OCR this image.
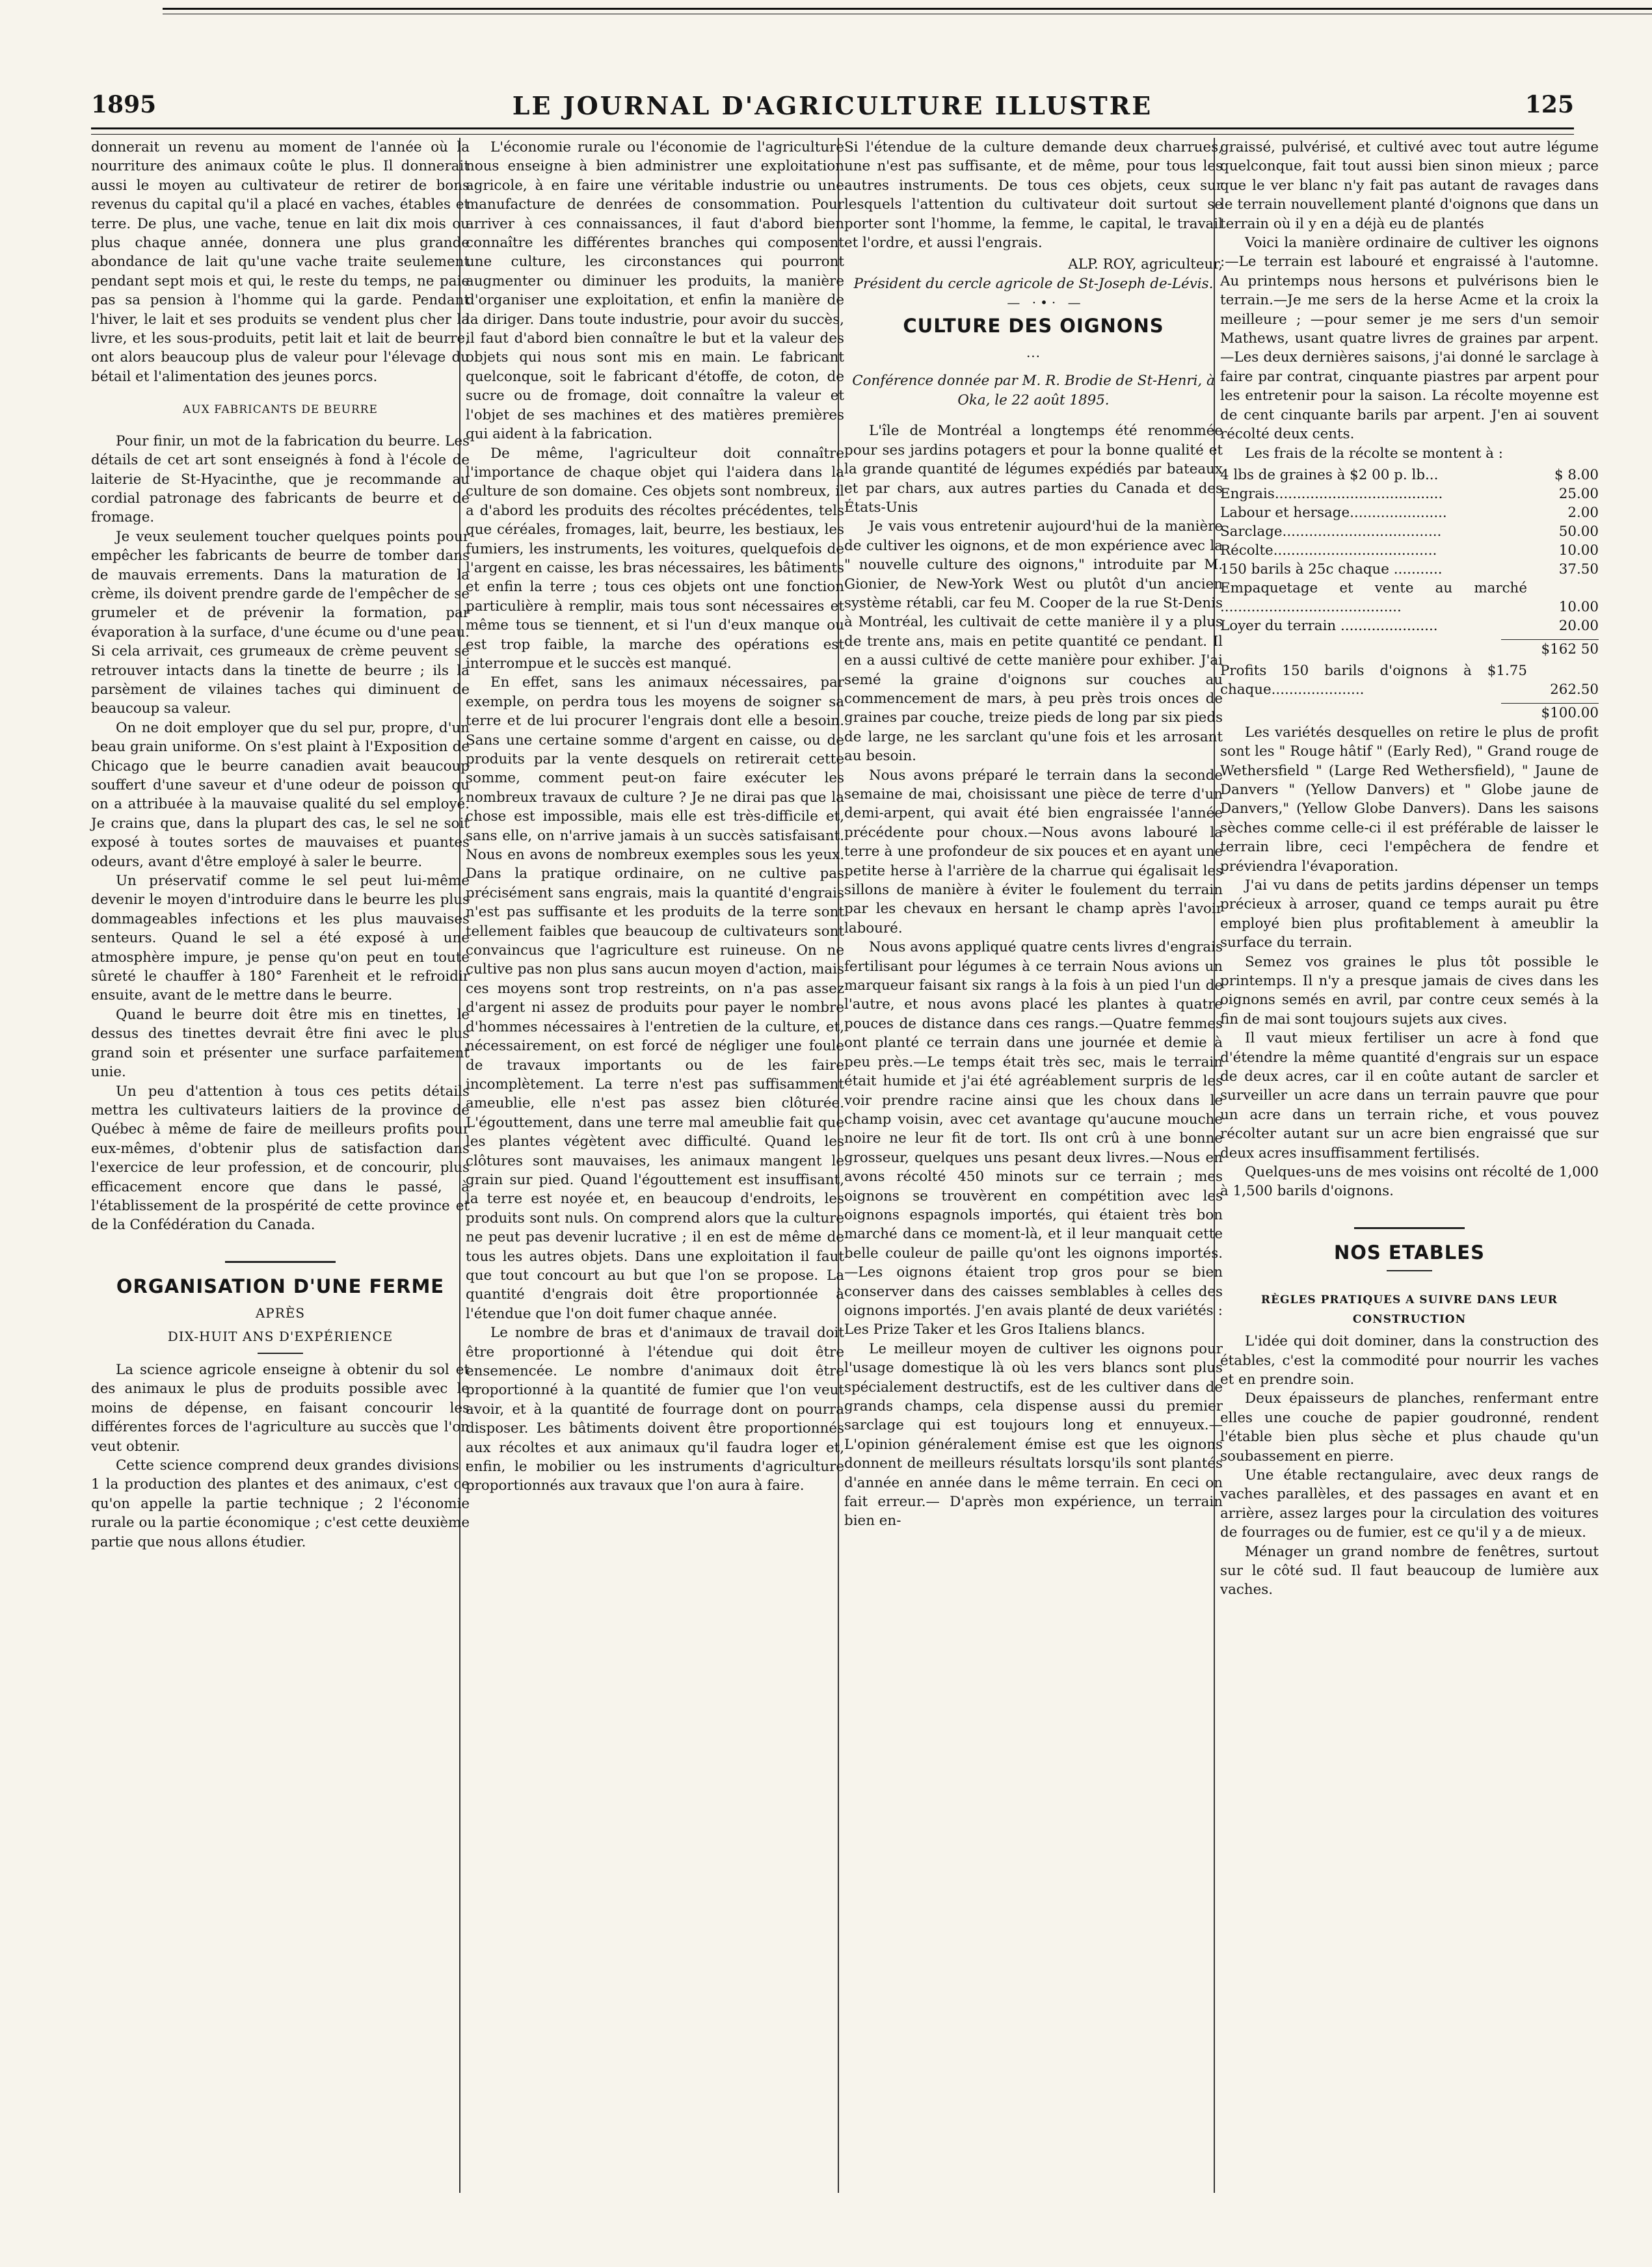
1895	LE JOURNAL D'AGRICULTURE ILLUSTRE	125

donnerait un revenu au moment de l'année où la nourriture des animaux coûte le plus. Il donnerait aussi le moyen au cultivateur de retirer de bons revenus du capital qu'il a placé en vaches, étables et terre. De plus, une vache, tenue en lait dix mois ou plus chaque année, donnera une plus grande abondance de lait qu'une vache traite seulement pendant sept mois et qui, le reste du temps, ne paie pas sa pension à l'homme qui la garde. Pendant l'hiver, le lait et ses produits se vendent plus cher la livre, et les sous-produits, petit lait et lait de beurre, ont alors beaucoup plus de valeur pour l'élevage du bétail et l'alimentation des jeunes porcs.

AUX FABRICANTS DE BEURRE

Pour finir, un mot de la fabrication du beurre. Les détails de cet art sont enseignés à fond à l'école de laiterie de St-Hyacinthe, que je recommande au cordial patronage des fabricants de beurre et de fromage.

Je veux seulement toucher quelques points pour empêcher les fabricants de beurre de tomber dans de mauvais errements. Dans la maturation de la crème, ils doivent prendre garde de l'empêcher de se grumeler et de prévenir la formation, par évaporation à la surface, d'une écume ou d'une peau. Si cela arrivait, ces grumeaux de crème peuvent se retrouver intacts dans la tinette de beurre ; ils la parsèment de vilaines taches qui diminuent de beaucoup sa valeur.

On ne doit employer que du sel pur, propre, d'un beau grain uniforme. On s'est plaint à l'Exposition de Chicago que le beurre canadien avait beaucoup souffert d'une saveur et d'une odeur de poisson qu on a attribuée à la mauvaise qualité du sel employé. Je crains que, dans la plupart des cas, le sel ne soit exposé à toutes sortes de mauvaises et puantes odeurs, avant d'être employé à saler le beurre.

Un préservatif comme le sel peut lui-même devenir le moyen d'introduire dans le beurre les plus dommageables infections et les plus mauvaises senteurs. Quand le sel a été exposé à une atmosphère impure, je pense qu'on peut en toute sûreté le chauffer à 180° Farenheit et le refroidir ensuite, avant de le mettre dans le beurre.

Quand le beurre doit être mis en tinettes, le dessus des tinettes devrait être fini avec le plus grand soin et présenter une surface parfaitement unie.

Un peu d'attention à tous ces petits détails mettra les cultivateurs laitiers de la province de Québec à même de faire de meilleurs profits pour eux-mêmes, d'obtenir plus de satisfaction dans l'exercice de leur profession, et de concourir, plus efficacement encore que dans le passé, à l'établissement de la prospérité de cette province et de la Confédération du Canada.

ORGANISATION D'UNE FERME

APRÈS

DIX-HUIT ANS D'EXPÉRIENCE

La science agricole enseigne à obtenir du sol et des animaux le plus de produits possible avec le moins de dépense, en faisant concourir les différentes forces de l'agriculture au succès que l'on veut obtenir.

Cette science comprend deux grandes divisions : 1 la production des plantes et des animaux, c'est ce qu'on appelle la partie technique ; 2 l'économie rurale ou la partie économique ; c'est cette deuxième partie que nous allons étudier.

L'économie rurale ou l'économie de l'agriculture nous enseigne à bien administrer une exploitation agricole, à en faire une véritable industrie ou une manufacture de denrées de consommation. Pour arriver à ces connaissances, il faut d'abord bien connaître les différentes branches qui composent une culture, les circonstances qui pourront augmenter ou diminuer les produits, la manière d'organiser une exploitation, et enfin la manière de la diriger. Dans toute industrie, pour avoir du succès, il faut d'abord bien connaître le but et la valeur des objets qui nous sont mis en main. Le fabricant quelconque, soit le fabricant d'étoffe, de coton, de sucre ou de fromage, doit connaître la valeur et l'objet de ses machines et des matières premières qui aident à la fabrication.

De même, l'agriculteur doit connaître l'importance de chaque objet qui l'aidera dans la culture de son domaine. Ces objets sont nombreux, il a d'abord les produits des récoltes précédentes, tels que céréales, fromages, lait, beurre, les bestiaux, les fumiers, les instruments, les voitures, quelquefois de l'argent en caisse, les bras nécessaires, les bâtiments et enfin la terre ; tous ces objets ont une fonction particulière à remplir, mais tous sont nécessaires et même tous se tiennent, et si l'un d'eux manque ou est trop faible, la marche des opérations est interrompue et le succès est manqué.

En effet, sans les animaux nécessaires, par exemple, on perdra tous les moyens de soigner sa terre et de lui procurer l'engrais dont elle a besoin. Sans une certaine somme d'argent en caisse, ou de produits par la vente desquels on retirerait cette somme, comment peut-on faire exécuter les nombreux travaux de culture ? Je ne dirai pas que la chose est impossible, mais elle est très-difficile et, sans elle, on n'arrive jamais à un succès satisfaisant. Nous en avons de nombreux exemples sous les yeux. Dans la pratique ordinaire, on ne cultive pas précisément sans engrais, mais la quantité d'engrais n'est pas suffisante et les produits de la terre sont tellement faibles que beaucoup de cultivateurs sont convaincus que l'agriculture est ruineuse. On ne cultive pas non plus sans aucun moyen d'action, mais ces moyens sont trop restreints, on n'a pas assez d'argent ni assez de produits pour payer le nombre d'hommes nécessaires à l'entretien de la culture, et, nécessairement, on est forcé de négliger une foule de travaux importants ou de les faire incomplètement. La terre n'est pas suffisamment ameublie, elle n'est pas assez bien clôturée. L'égouttement, dans une terre mal ameublie fait que les plantes végètent avec difficulté. Quand les clôtures sont mauvaises, les animaux mangent le grain sur pied. Quand l'égouttement est insuffisant, la terre est noyée et, en beaucoup d'endroits, les produits sont nuls. On comprend alors que la culture ne peut pas devenir lucrative ; il en est de même de tous les autres objets. Dans une exploitation il faut que tout concourt au but que l'on se propose. La quantité d'engrais doit être proportionnée à l'étendue que l'on doit fumer chaque année.

Le nombre de bras et d'animaux de travail doit être proportionné à l'étendue qui doit être ensemencée. Le nombre d'animaux doit être proportionné à la quantité de fumier que l'on veut avoir, et à la quantité de fourrage dont on pourra disposer. Les bâtiments doivent être proportionnés aux récoltes et aux animaux qu'il faudra loger et, enfin, le mobilier ou les instruments d'agriculture proportionnés aux travaux que l'on aura à faire.

Si l'étendue de la culture demande deux charrues, une n'est pas suffisante, et de même, pour tous les autres instruments. De tous ces objets, ceux sur lesquels l'attention du cultivateur doit surtout se porter sont l'homme, la femme, le capital, le travail et l'ordre, et aussi l'engrais.

ALP. ROY, agriculteur,

Président du cercle agricole de St-Joseph de-Lévis.

— ·•· —

CULTURE DES OIGNONS

...

Conférence donnée par M. R. Brodie de St-Henri, à Oka, le 22 août 1895.

L'île de Montréal a longtemps été renommée pour ses jardins potagers et pour la bonne qualité et la grande quantité de légumes expédiés par bateaux et par chars, aux autres parties du Canada et des États-Unis

Je vais vous entretenir aujourd'hui de la manière de cultiver les oignons, et de mon expérience avec la " nouvelle culture des oignons," introduite par M. Gionier, de New-York West ou plutôt d'un ancien système rétabli, car feu M. Cooper de la rue St-Denis à Montréal, les cultivait de cette manière il y a plus de trente ans, mais en petite quantité ce pendant. Il en a aussi cultivé de cette manière pour exhiber. J'ai semé la graine d'oignons sur couches au commencement de mars, à peu près trois onces de graines par couche, treize pieds de long par six pieds de large, ne les sarclant qu'une fois et les arrosant au besoin.

Nous avons préparé le terrain dans la seconde semaine de mai, choisissant une pièce de terre d'un demi-arpent, qui avait été bien engraissée l'année précédente pour choux.—Nous avons labouré la terre à une profondeur de six pouces et en ayant une petite herse à l'arrière de la charrue qui égalisait les sillons de manière à éviter le foulement du terrain par les chevaux en hersant le champ après l'avoir labouré.

Nous avons appliqué quatre cents livres d'engrais fertilisant pour légumes à ce terrain Nous avions un marqueur faisant six rangs à la fois à un pied l'un de l'autre, et nous avons placé les plantes à quatre pouces de distance dans ces rangs.—Quatre femmes ont planté ce terrain dans une journée et demie à peu près.—Le temps était très sec, mais le terrain était humide et j'ai été agréablement surpris de les voir prendre racine ainsi que les choux dans le champ voisin, avec cet avantage qu'aucune mouche noire ne leur fit de tort. Ils ont crû à une bonne grosseur, quelques uns pesant deux livres.—Nous en avons récolté 450 minots sur ce terrain ; mes oignons se trouvèrent en compétition avec les oignons espagnols importés, qui étaient très bon marché dans ce moment-là, et il leur manquait cette belle couleur de paille qu'ont les oignons importés. —Les oignons étaient trop gros pour se bien conserver dans des caisses semblables à celles des oignons importés. J'en avais planté de deux variétés : Les Prize Taker et les Gros Italiens blancs.

Le meilleur moyen de cultiver les oignons pour l'usage domestique là où les vers blancs sont plus spécialement destructifs, est de les cultiver dans de grands champs, cela dispense aussi du premier sarclage qui est toujours long et ennuyeux.—L'opinion généralement émise est que les oignons donnent de meilleurs résultats lorsqu'ils sont plantés d'année en année dans le même terrain. En ceci on fait erreur.— D'après mon expérience, un terrain bien en-

graissé, pulvérisé, et cultivé avec tout autre légume quelconque, fait tout aussi bien sinon mieux ; parce que le ver blanc n'y fait pas autant de ravages dans le terrain nouvellement planté d'oignons que dans un terrain où il y en a déjà eu de plantés

Voici la manière ordinaire de cultiver les oignons :—Le terrain est labouré et engraissé à l'automne. Au printemps nous hersons et pulvérisons bien le terrain.—Je me sers de la herse Acme et la croix la meilleure ; —pour semer je me sers d'un semoir Mathews, usant quatre livres de graines par arpent.—Les deux dernières saisons, j'ai donné le sarclage à faire par contrat, cinquante piastres par arpent pour les entretenir pour la saison. La récolte moyenne est de cent cinquante barils par arpent. J'en ai souvent récolté deux cents.

Les frais de la récolte se montent à :

4 lbs de graines à $2 00 p. lb...	$ 8.00
Engrais......................................	25.00
Labour et hersage......................	2.00
Sarclage....................................	50.00
Récolte.....................................	10.00
150 barils à 25c chaque ...........	37.50
Empaquetage et vente au marché .........................................	10.00
Loyer du terrain ......................	20.00

$162 50

Profits 150 barils d'oignons à $1.75 chaque.....................	262.50

$100.00

Les variétés desquelles on retire le plus de profit sont les " Rouge hâtif " (Early Red), " Grand rouge de Wethersfield " (Large Red Wethersfield), " Jaune de Danvers " (Yellow Danvers) et " Globe jaune de Danvers," (Yellow Globe Danvers). Dans les saisons sèches comme celle-ci il est préférable de laisser le terrain libre, ceci l'empêchera de fendre et préviendra l'évaporation.

J'ai vu dans de petits jardins dépenser un temps précieux à arroser, quand ce temps aurait pu être employé bien plus profitablement à ameublir la surface du terrain.

Semez vos graines le plus tôt possible le printemps. Il n'y a presque jamais de cives dans les oignons semés en avril, par contre ceux semés à la fin de mai sont toujours sujets aux cives.

Il vaut mieux fertiliser un acre à fond que d'étendre la même quantité d'engrais sur un espace de deux acres, car il en coûte autant de sarcler et surveiller un acre dans un terrain pauvre que pour un acre dans un terrain riche, et vous pouvez récolter autant sur un acre bien engraissé que sur deux acres insuffisamment fertilisés.

Quelques-uns de mes voisins ont récolté de 1,000 à 1,500 barils d'oignons.

NOS ETABLES

RÈGLES PRATIQUES A SUIVRE DANS LEUR CONSTRUCTION

L'idée qui doit dominer, dans la construction des étables, c'est la commodité pour nourrir les vaches et en prendre soin.

Deux épaisseurs de planches, renfermant entre elles une couche de papier goudronné, rendent l'étable bien plus sèche et plus chaude qu'un soubassement en pierre.

Une étable rectangulaire, avec deux rangs de vaches parallèles, et des passages en avant et en arrière, assez larges pour la circulation des voitures de fourrages ou de fumier, est ce qu'il y a de mieux.

Ménager un grand nombre de fenêtres, surtout sur le côté sud. Il faut beaucoup de lumière aux vaches.
